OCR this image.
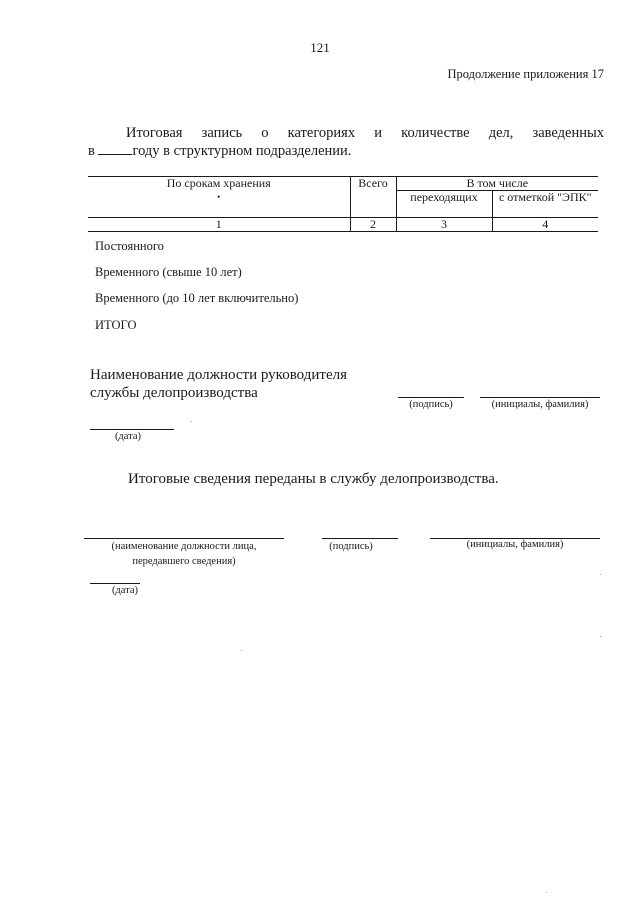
121
Продолжение приложения 17
Итоговая запись о категориях и количестве дел, заведенных
в	году в структурном подразделении.
По срокам хранения
•	Всего	В том числе	
		переходящих	с отметкой "ЭПК"
1	2	3	4
Постоянного
Временного (свыше 10 лет)
Временного (до 10 лет включительно)
ИТОГО
Наименование должности руководителя
службы делопроизводства
(подпись)	(инициалы, фамилия)
(дата)
Итоговые сведения переданы в службу делопроизводства.
(наименование должности лица,
передавшего сведения)
(подпись)	(инициалы, фамилия)
(дата)
